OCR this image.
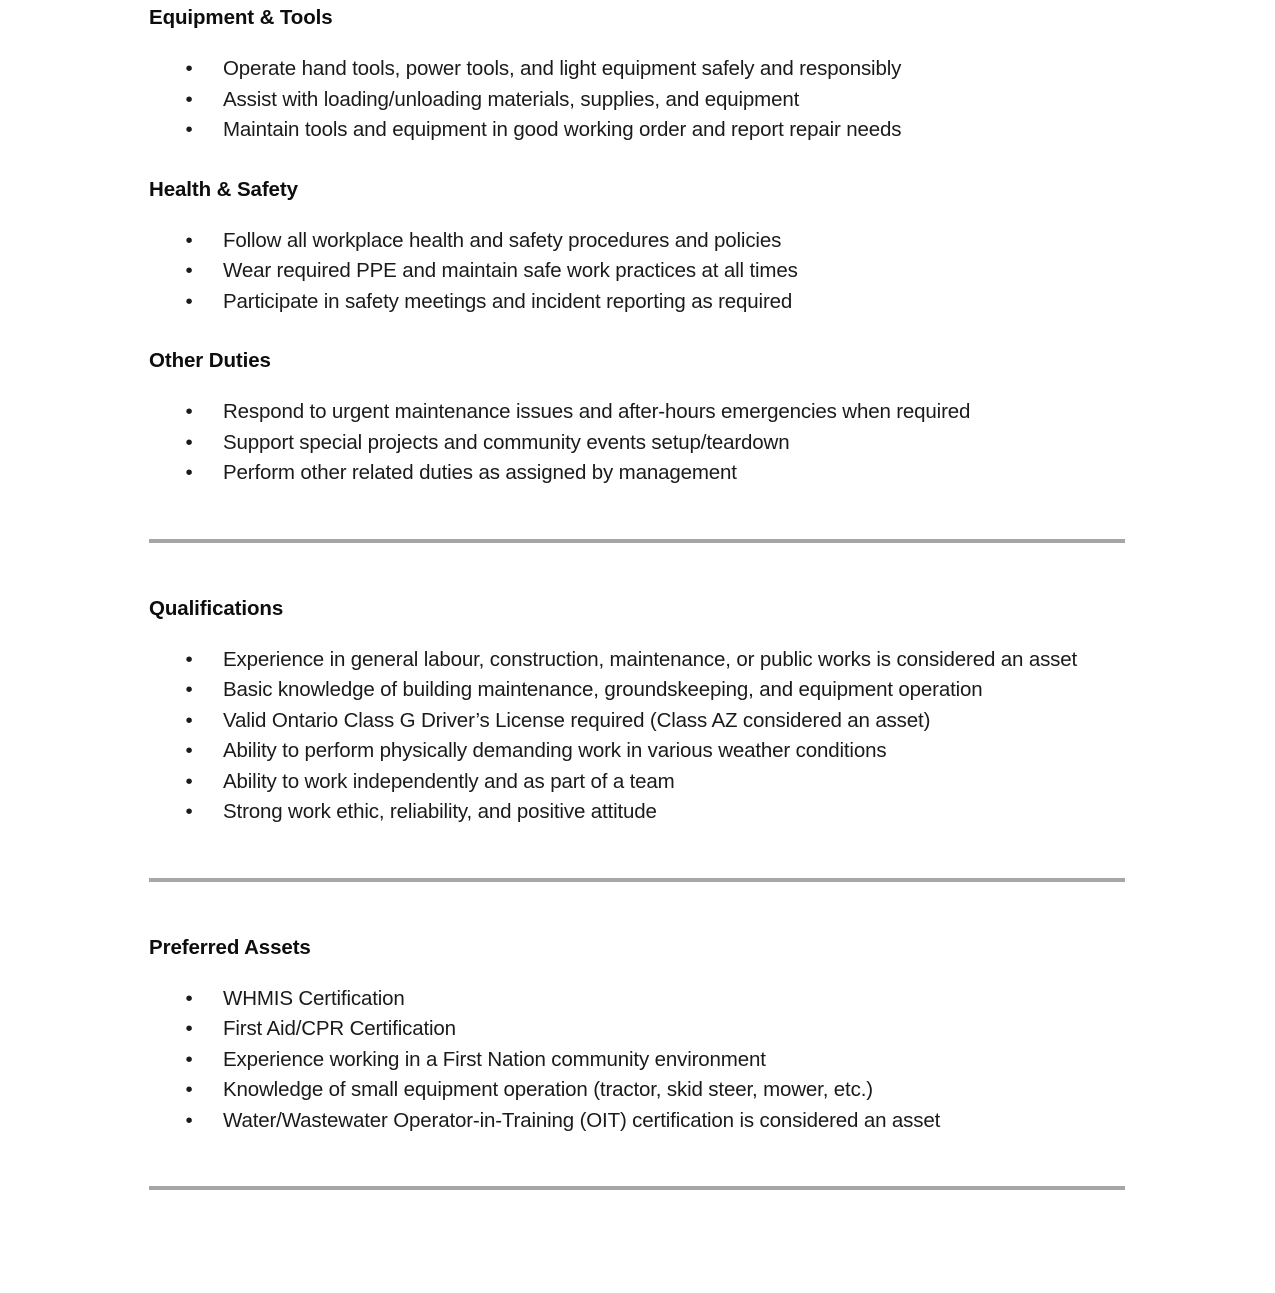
Equipment & Tools
• Operate hand tools, power tools, and light equipment safely and responsibly
• Assist with loading/unloading materials, supplies, and equipment
• Maintain tools and equipment in good working order and report repair needs
Health & Safety
• Follow all workplace health and safety procedures and policies
• Wear required PPE and maintain safe work practices at all times
• Participate in safety meetings and incident reporting as required
Other Duties
• Respond to urgent maintenance issues and after-hours emergencies when required
• Support special projects and community events setup/teardown
• Perform other related duties as assigned by management
Qualifications
• Experience in general labour, construction, maintenance, or public works is considered an asset
• Basic knowledge of building maintenance, groundskeeping, and equipment operation
• Valid Ontario Class G Driver’s License required (Class AZ considered an asset)
• Ability to perform physically demanding work in various weather conditions
• Ability to work independently and as part of a team
• Strong work ethic, reliability, and positive attitude
Preferred Assets
• WHMIS Certification
• First Aid/CPR Certification
• Experience working in a First Nation community environment
• Knowledge of small equipment operation (tractor, skid steer, mower, etc.)
• Water/Wastewater Operator-in-Training (OIT) certification is considered an asset
